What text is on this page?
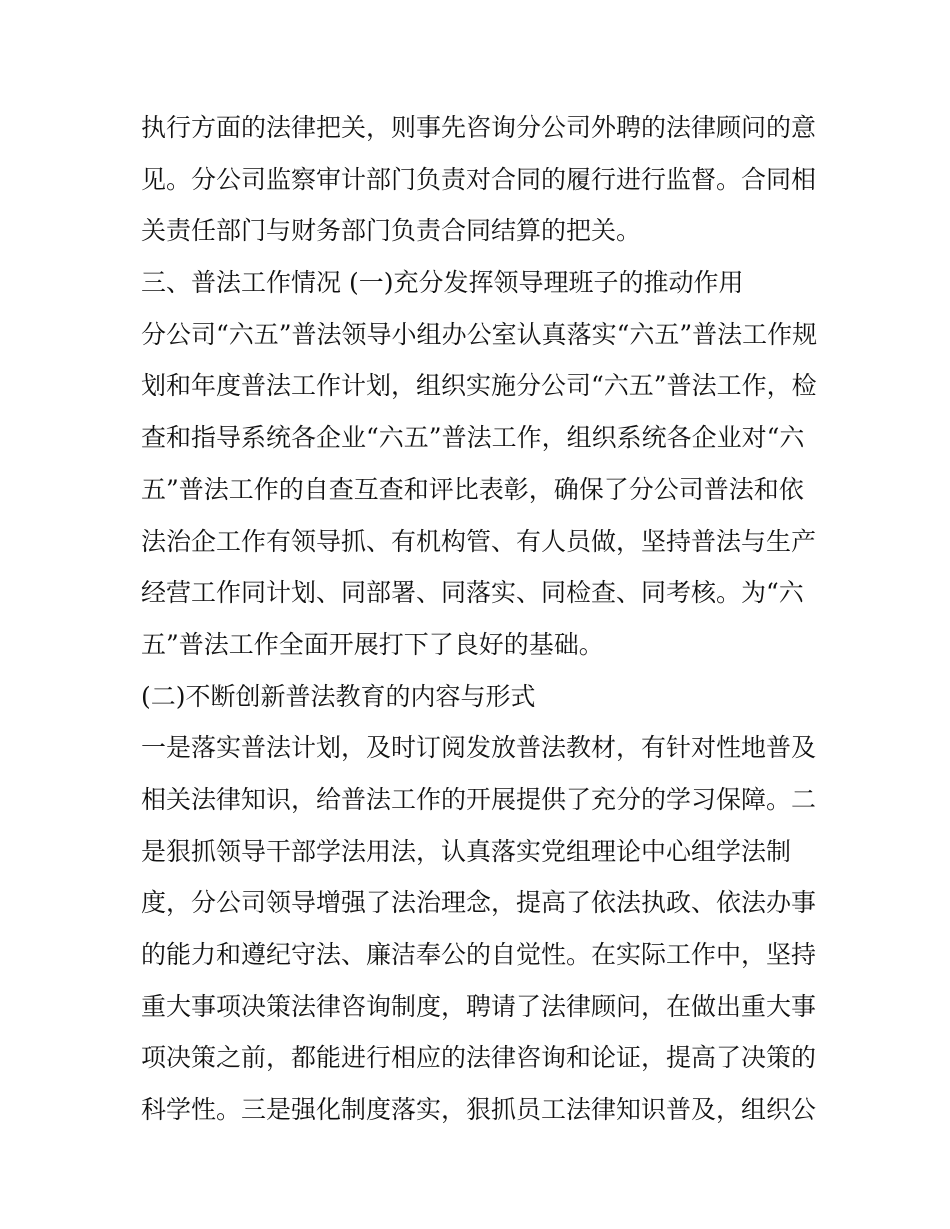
执行方面的法律把关，则事先咨询分公司外聘的法律顾问的意
见。分公司监察审计部门负责对合同的履行进行监督。合同相
关责任部门与财务部门负责合同结算的把关。
三、普法工作情况 (一)充分发挥领导理班子的推动作用
分公司“六五”普法领导小组办公室认真落实“六五”普法工作规
划和年度普法工作计划，组织实施分公司“六五”普法工作，检
查和指导系统各企业“六五”普法工作，组织系统各企业对“六
五”普法工作的自查互查和评比表彰，确保了分公司普法和依
法治企工作有领导抓、有机构管、有人员做，坚持普法与生产
经营工作同计划、同部署、同落实、同检查、同考核。为“六
五”普法工作全面开展打下了良好的基础。
(二)不断创新普法教育的内容与形式
一是落实普法计划，及时订阅发放普法教材，有针对性地普及
相关法律知识，给普法工作的开展提供了充分的学习保障。二
是狠抓领导干部学法用法，认真落实党组理论中心组学法制
度，分公司领导增强了法治理念，提高了依法执政、依法办事
的能力和遵纪守法、廉洁奉公的自觉性。在实际工作中，坚持
重大事项决策法律咨询制度，聘请了法律顾问，在做出重大事
项决策之前，都能进行相应的法律咨询和论证，提高了决策的
科学性。三是强化制度落实，狠抓员工法律知识普及，组织公
